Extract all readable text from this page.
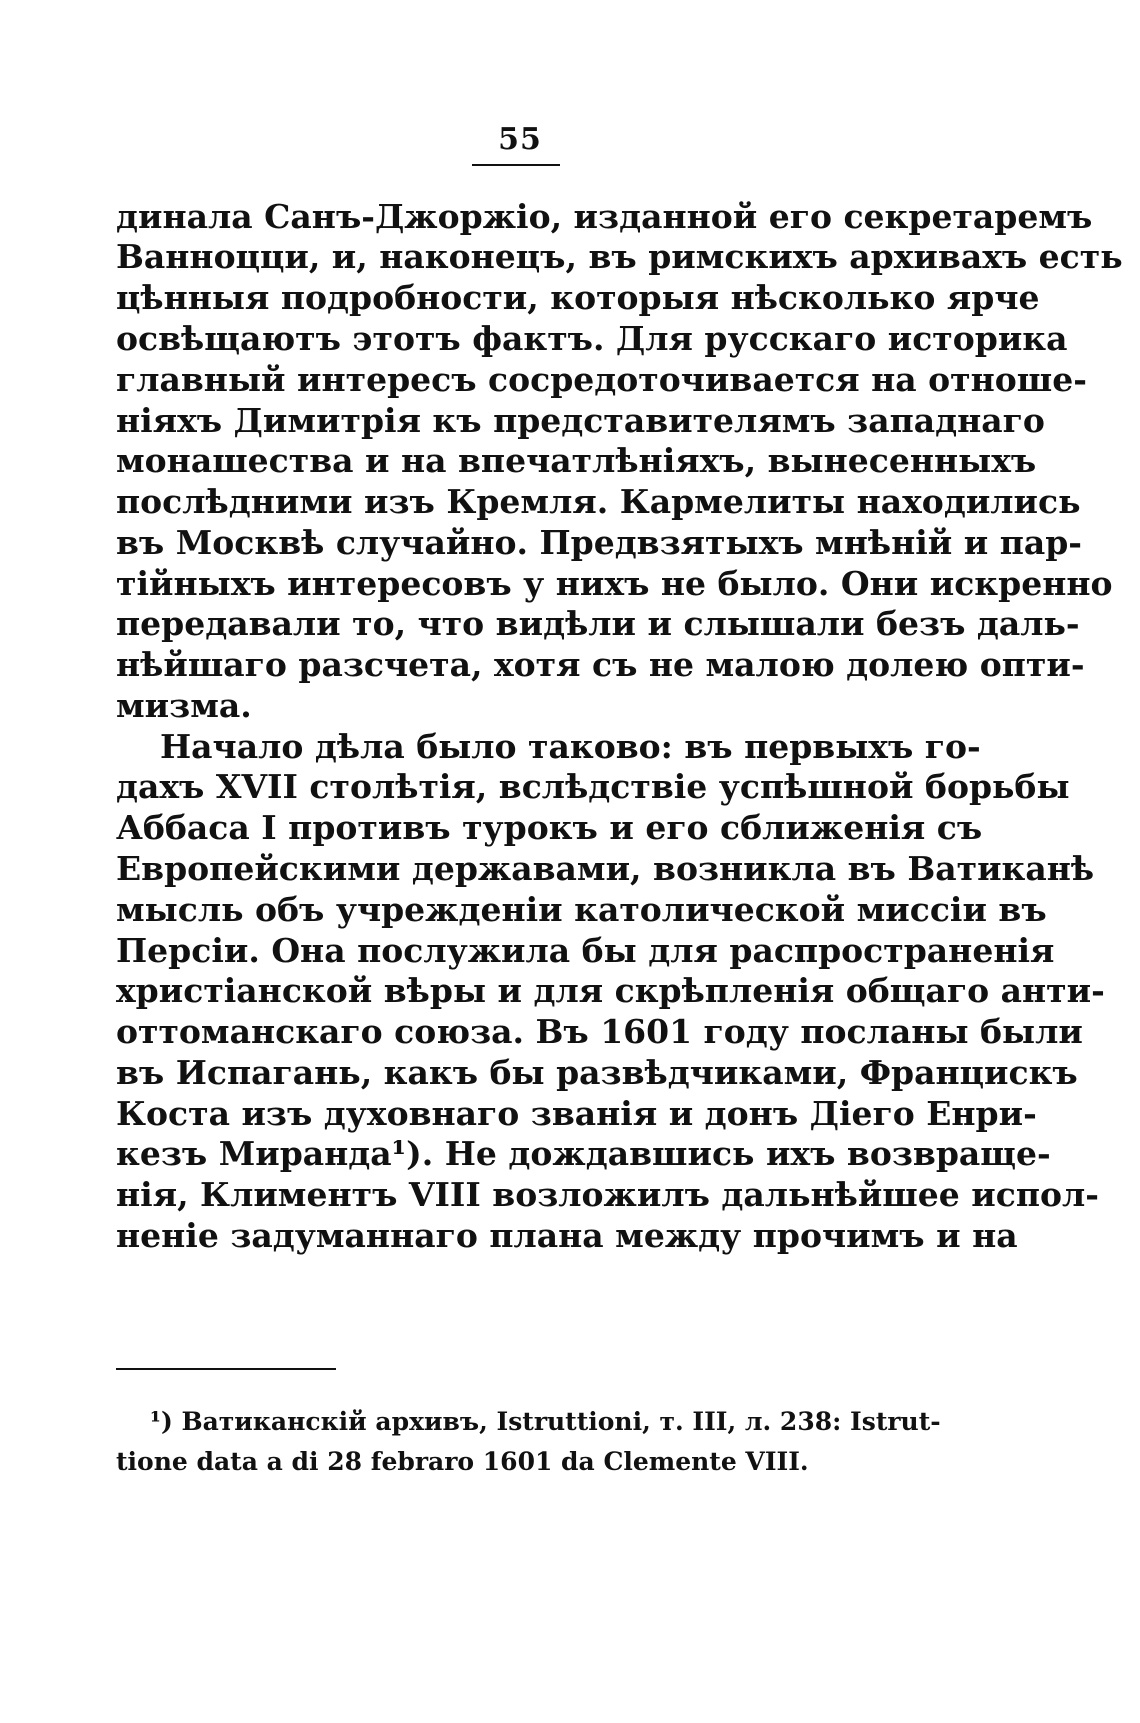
55
динала Санъ-Джоржіо, изданной его секретаремъ
Ванноцци, и, наконецъ, въ римскихъ архивахъ есть
цѣнныя подробности, которыя нѣсколько ярче
освѣщаютъ этотъ фактъ. Для русскаго историка
главный интересъ сосредоточивается на отноше-
ніяхъ Димитрія къ представителямъ западнаго
монашества и на впечатлѣніяхъ, вынесенныхъ
послѣдними изъ Кремля. Кармелиты находились
въ Москвѣ случайно. Предвзятыхъ мнѣній и пар-
тійныхъ интересовъ у нихъ не было. Они искренно
передавали то, что видѣли и слышали безъ даль-
нѣйшаго разсчета, хотя съ не малою долею опти-
мизма.
Начало дѣла было таково: въ первыхъ го-
дахъ XVII столѣтія, вслѣдствіе успѣшной борьбы
Аббаса I противъ турокъ и его сближенія съ
Европейскими державами, возникла въ Ватиканѣ
мысль объ учрежденіи католической миссіи въ
Персіи. Она послужила бы для распространенія
христіанской вѣры и для скрѣпленія общаго анти-
оттоманскаго союза. Въ 1601 году посланы были
въ Испагань, какъ бы развѣдчиками, Францискъ
Коста изъ духовнаго званія и донъ Діего Енри-
кезъ Миранда¹). Не дождавшись ихъ возвраще-
нія, Климентъ VIII возложилъ дальнѣйшее испол-
неніе задуманнаго плана между прочимъ и на
¹) Ватиканскій архивъ, Istruttioni, т. III, л. 238: Istrut-
tione data a di 28 febraro 1601 da Clemente VIII.
